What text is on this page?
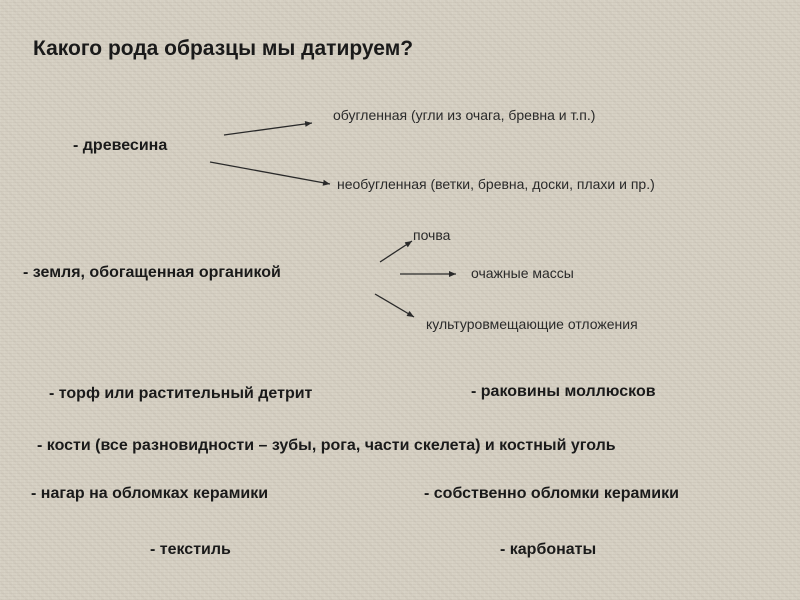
Какого рода образцы мы датируем?
обугленная (угли из очага, бревна и т.п.)
- древесина
необугленная (ветки, бревна, доски, плахи и пр.)
почва
- земля, обогащенная органикой	очажные массы
культуровмещающие отложения
- торф или растительный детрит	- раковины моллюсков
- кости (все разновидности – зубы, рога, части скелета) и костный уголь
- нагар на обломках керамики	- собственно обломки керамики
- текстиль	- карбонаты
